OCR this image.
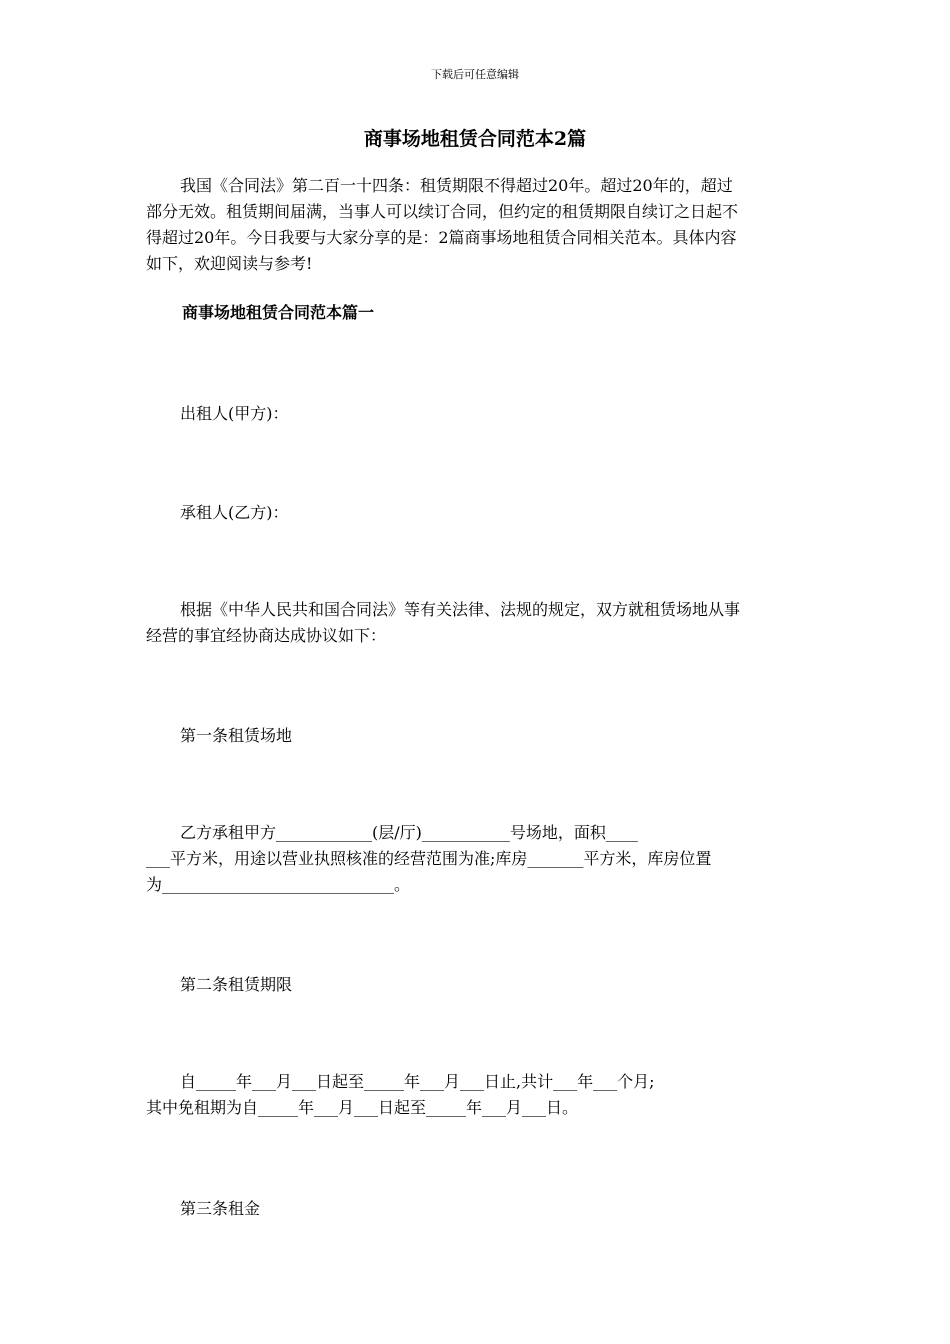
下载后可任意编辑
商事场地租赁合同范本2篇
我国《合同法》第二百一十四条：租赁期限不得超过20年。超过20年的，超过
部分无效。租赁期间届满，当事人可以续订合同，但约定的租赁期限自续订之日起不
得超过20年。今日我要与大家分享的是：2篇商事场地租赁合同相关范本。具体内容
如下，欢迎阅读与参考!
商事场地租赁合同范本篇一
出租人(甲方)：
承租人(乙方)：
根据《中华人民共和国合同法》等有关法律、法规的规定，双方就租赁场地从事
经营的事宜经协商达成协议如下：
第一条租赁场地
乙方承租甲方____________(层/厅)___________号场地，面积____
___平方米，用途以营业执照核准的经营范围为准;库房_______平方米，库房位置
为_____________________________。
第二条租赁期限
自_____年___月___日起至_____年___月___日止,共计___年___个月;
其中免租期为自_____年___月___日起至_____年___月___日。
第三条租金
